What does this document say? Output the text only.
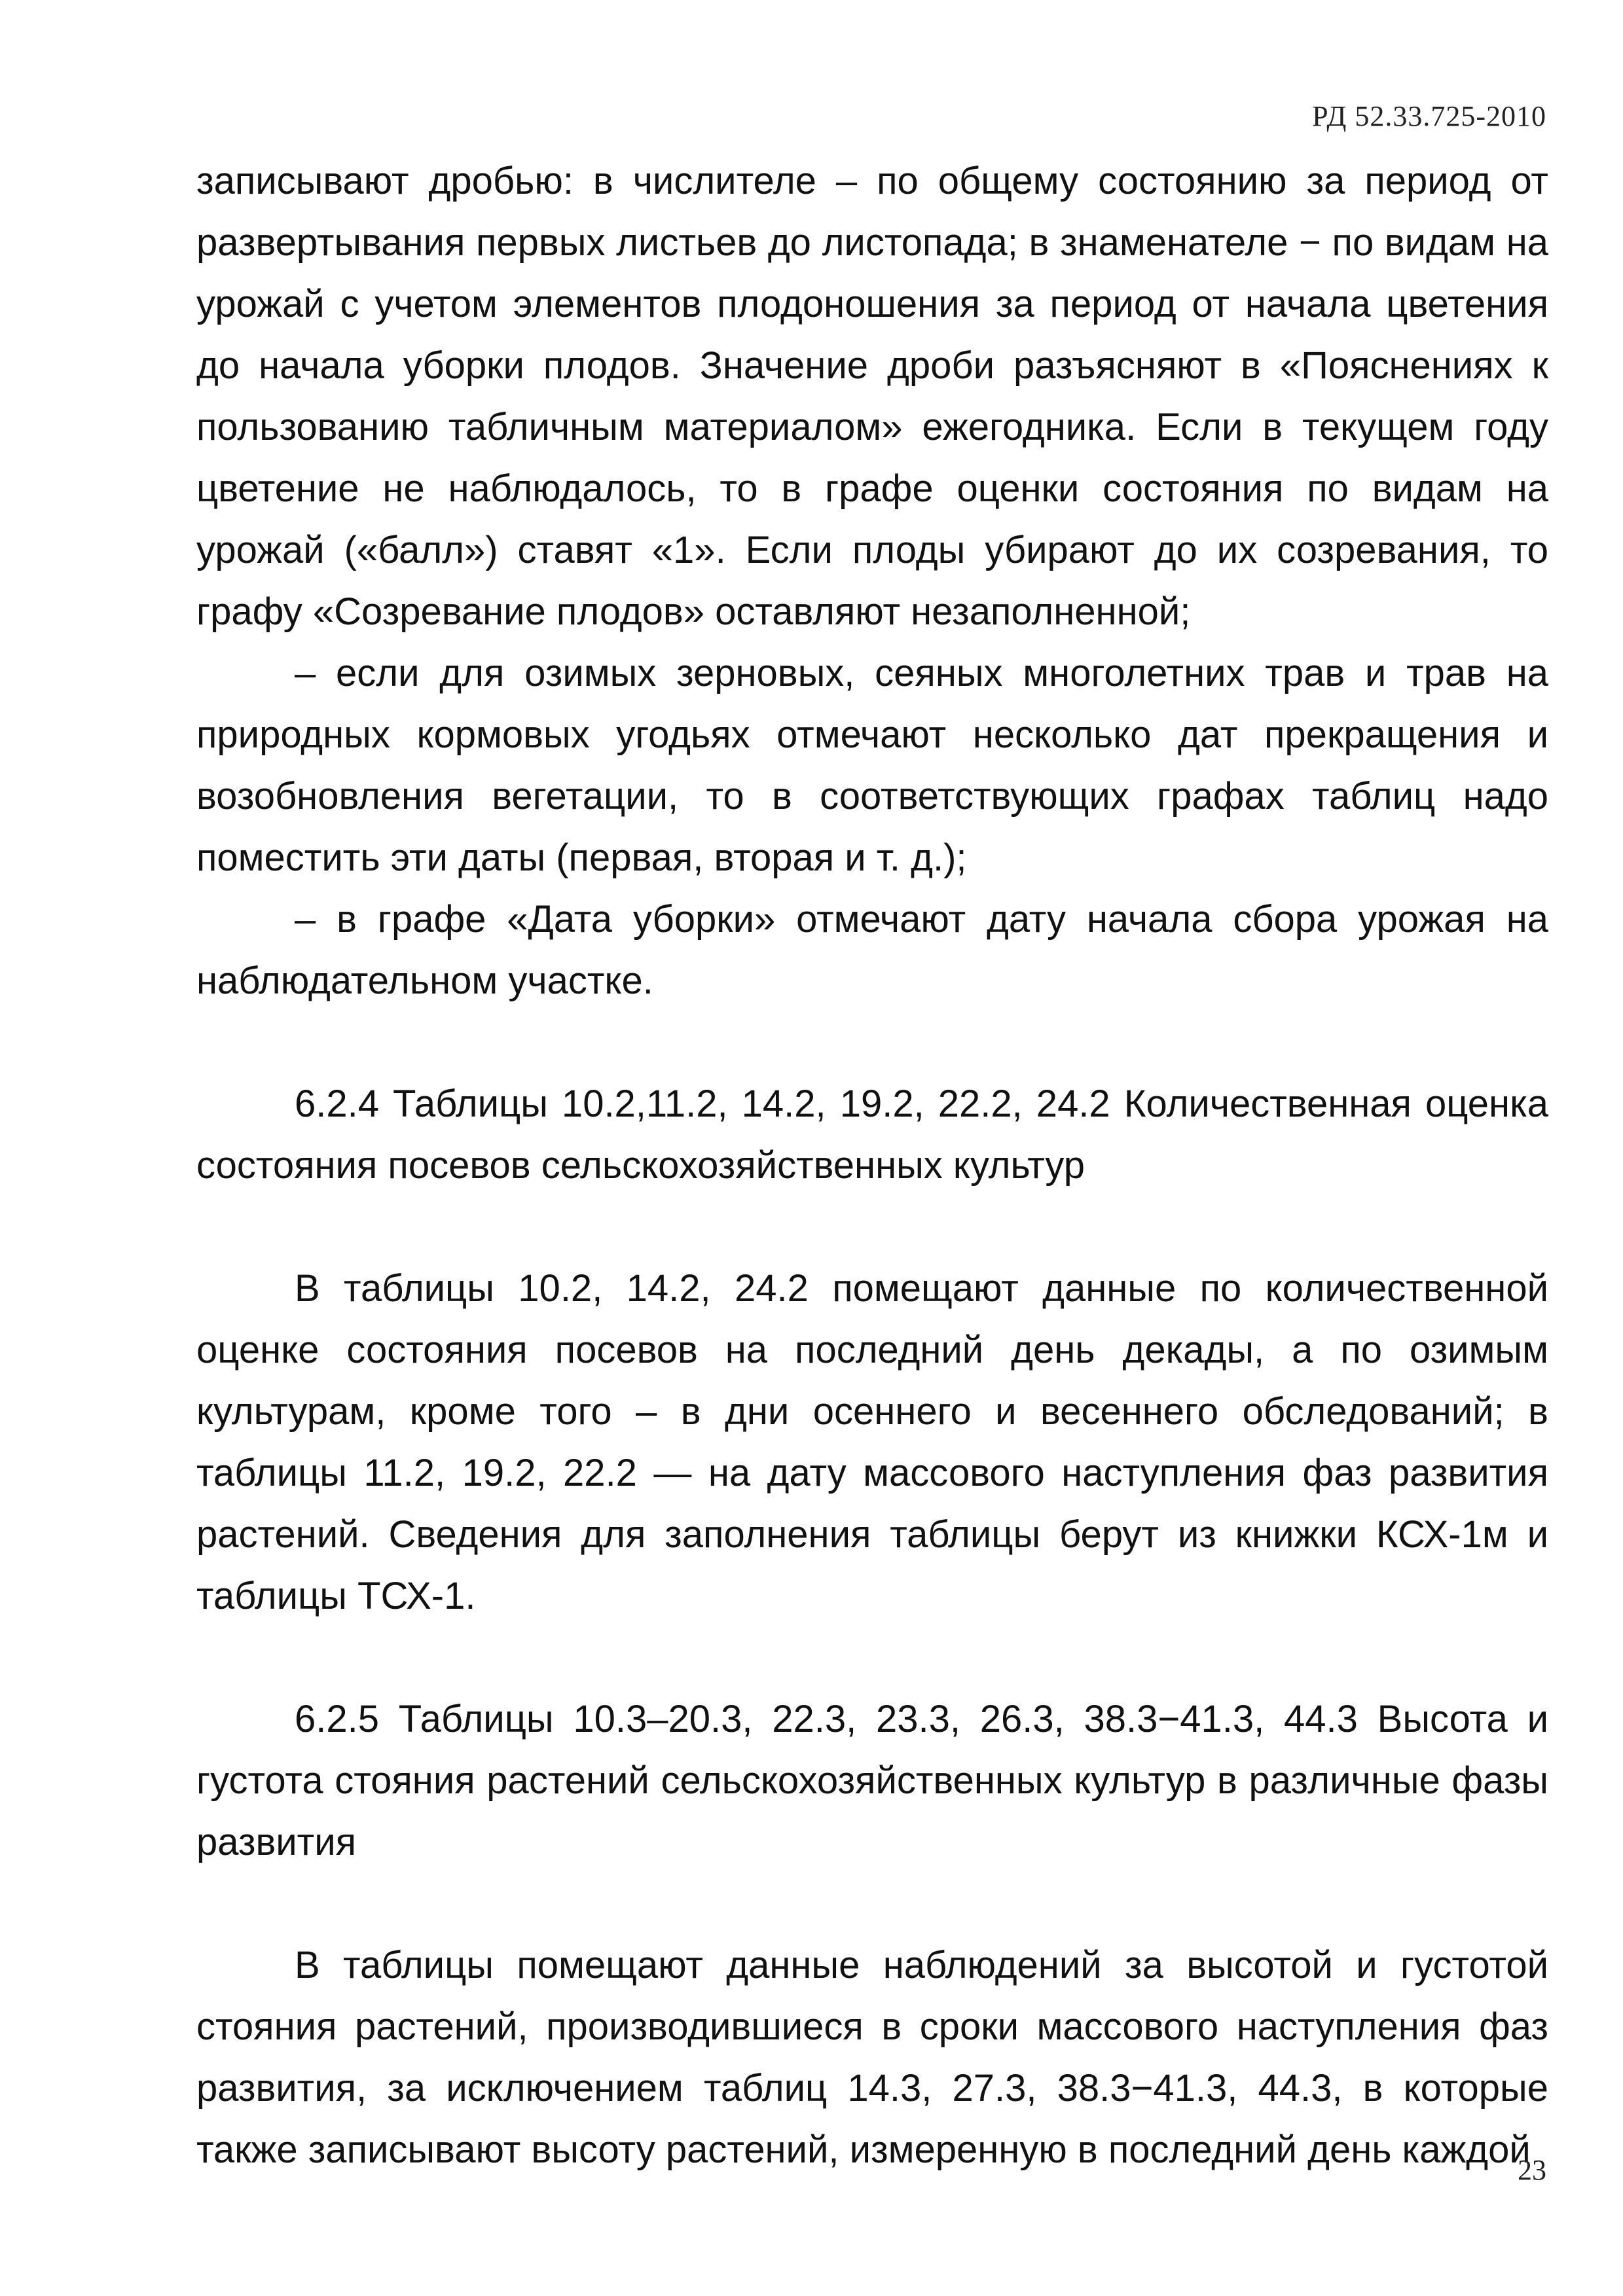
РД 52.33.725-2010

записывают дробью: в числителе – по общему состоянию за период от развертывания первых листьев до листопада; в знаменателе − по видам на урожай с учетом элементов плодоношения за период от начала цветения до начала уборки плодов. Значение дроби разъясняют в «Пояснениях к пользованию табличным материалом» ежегодника. Если в текущем году цветение не наблюдалось, то в графе оценки состояния по видам на урожай («балл») ставят «1». Если плоды убирают до их созревания, то графу «Созревание плодов» оставляют незаполненной;

– если для озимых зерновых, сеяных многолетних трав и трав на природных кормовых угодьях отмечают несколько дат прекращения и возобновления вегетации, то в соответствующих графах таблиц надо поместить эти даты (первая, вторая и т. д.);

– в графе «Дата уборки» отмечают дату начала сбора урожая на наблюдательном участке.

6.2.4 Таблицы 10.2,11.2, 14.2, 19.2, 22.2, 24.2 Количественная оценка состояния посевов сельскохозяйственных культур

В таблицы 10.2, 14.2, 24.2 помещают данные по количественной оценке состояния посевов на последний день декады, а по озимым культурам, кроме того – в дни осеннего и весеннего обследований; в таблицы 11.2, 19.2, 22.2 — на дату массового наступления фаз развития растений. Сведения для заполнения таблицы берут из книжки КСХ-1м и таблицы ТСХ-1.

6.2.5 Таблицы 10.3–20.3, 22.3, 23.3, 26.3, 38.3−41.3, 44.3 Высота и густота стояния растений сельскохозяйственных культур в различные фазы развития

В таблицы помещают данные наблюдений за высотой и густотой стояния растений, производившиеся в сроки массового наступления фаз развития, за исключением таблиц 14.3, 27.3, 38.3−41.3, 44.3, в которые также записывают высоту растений, измеренную в последний день каждой

23
